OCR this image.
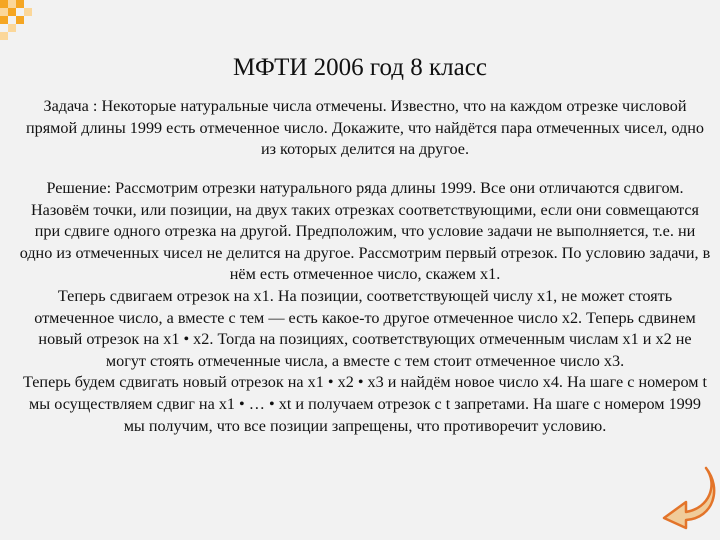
МФТИ 2006 год 8 класс
Задача : Некоторые натуральные числа отмечены. Известно, что на каждом отрезке числовой прямой длины 1999 есть отмеченное число. Докажите, что найдётся пара отмеченных чисел, одно из которых делится на другое.

Решение: Рассмотрим отрезки натурального ряда длины 1999. Все они отличаются сдвигом. Назовём точки, или позиции, на двух таких отрезках соответствующими, если они совмещаются при сдвиге одного отрезка на другой. Предположим, что условие задачи не выполняется, т.е. ни одно из отмеченных чисел не делится на другое. Рассмотрим первый отрезок. По условию задачи, в нём есть отмеченное число, скажем x1.

Теперь сдвигаем отрезок на x1. На позиции, соответствующей числу x1, не может стоять отмеченное число, а вместе с тем — есть какое-то другое отмеченное число x2. Теперь сдвинем новый отрезок на x1 • x2. Тогда на позициях, соответствующих отмеченным числам x1 и x2 не могут стоять отмеченные числа, а вместе с тем стоит отмеченное число x3.

Теперь будем сдвигать новый отрезок на x1 • x2 • x3 и найдём новое число x4. На шаге с номером t мы осуществляем сдвиг на x1 • … • xt и получаем отрезок с t запретами. На шаге с номером 1999 мы получим, что все позиции запрещены, что противоречит условию.
